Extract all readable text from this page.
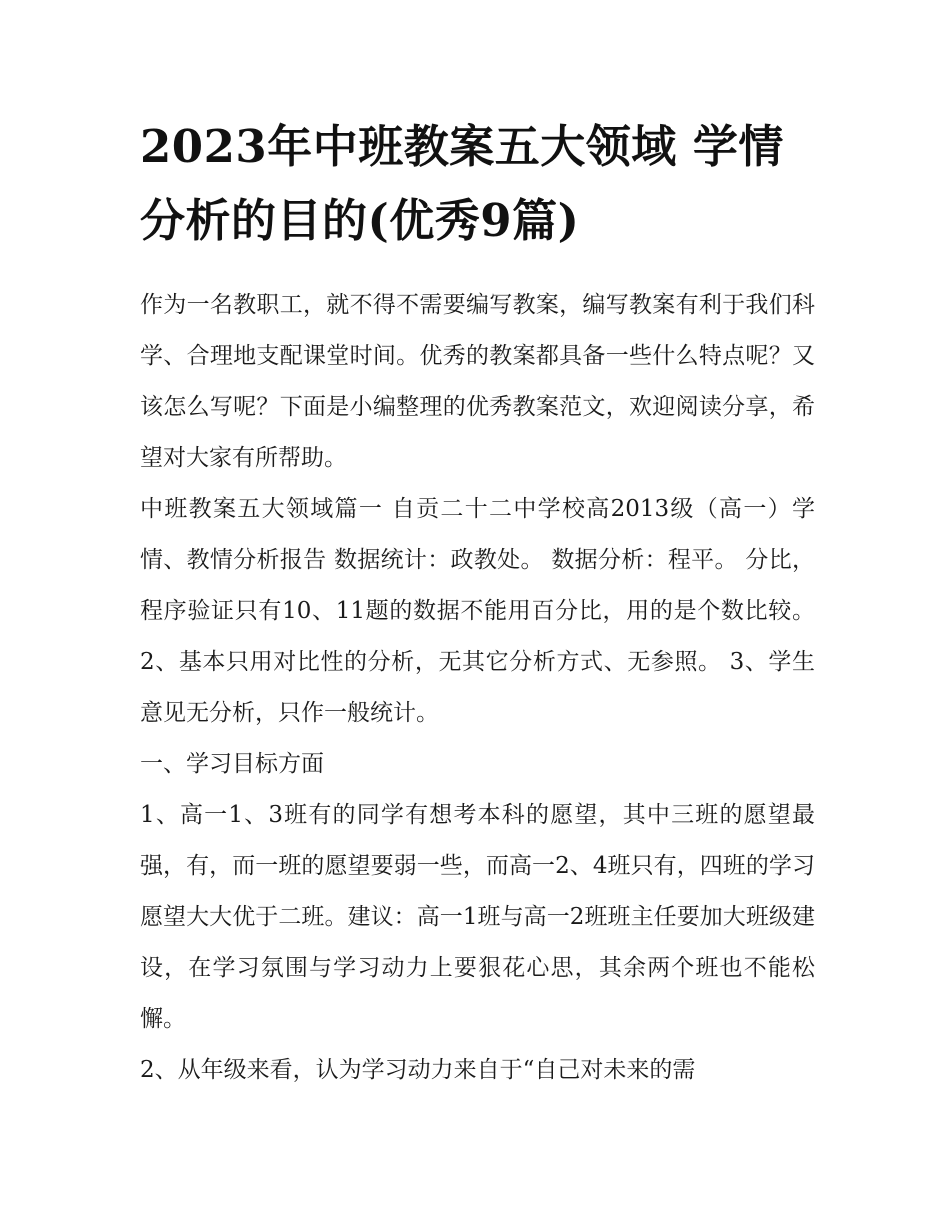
2023年中班教案五大领域 学情分析的目的(优秀9篇)

作为一名教职工，就不得不需要编写教案，编写教案有利于我们科学、合理地支配课堂时间。优秀的教案都具备一些什么特点呢？又该怎么写呢？下面是小编整理的优秀教案范文，欢迎阅读分享，希望对大家有所帮助。

中班教案五大领域篇一 自贡二十二中学校高2013级（高一）学情、教情分析报告 数据统计：政教处。 数据分析：程平。 分比，程序验证只有10、11题的数据不能用百分比，用的是个数比较。 2、基本只用对比性的分析，无其它分析方式、无参照。 3、学生意见无分析，只作一般统计。

一、学习目标方面

1、高一1、3班有的同学有想考本科的愿望，其中三班的愿望最强，有，而一班的愿望要弱一些，而高一2、4班只有，四班的学习愿望大大优于二班。建议：高一1班与高一2班班主任要加大班级建设，在学习氛围与学习动力上要狠花心思，其余两个班也不能松懈。

2、从年级来看，认为学习动力来自于“自己对未来的需
